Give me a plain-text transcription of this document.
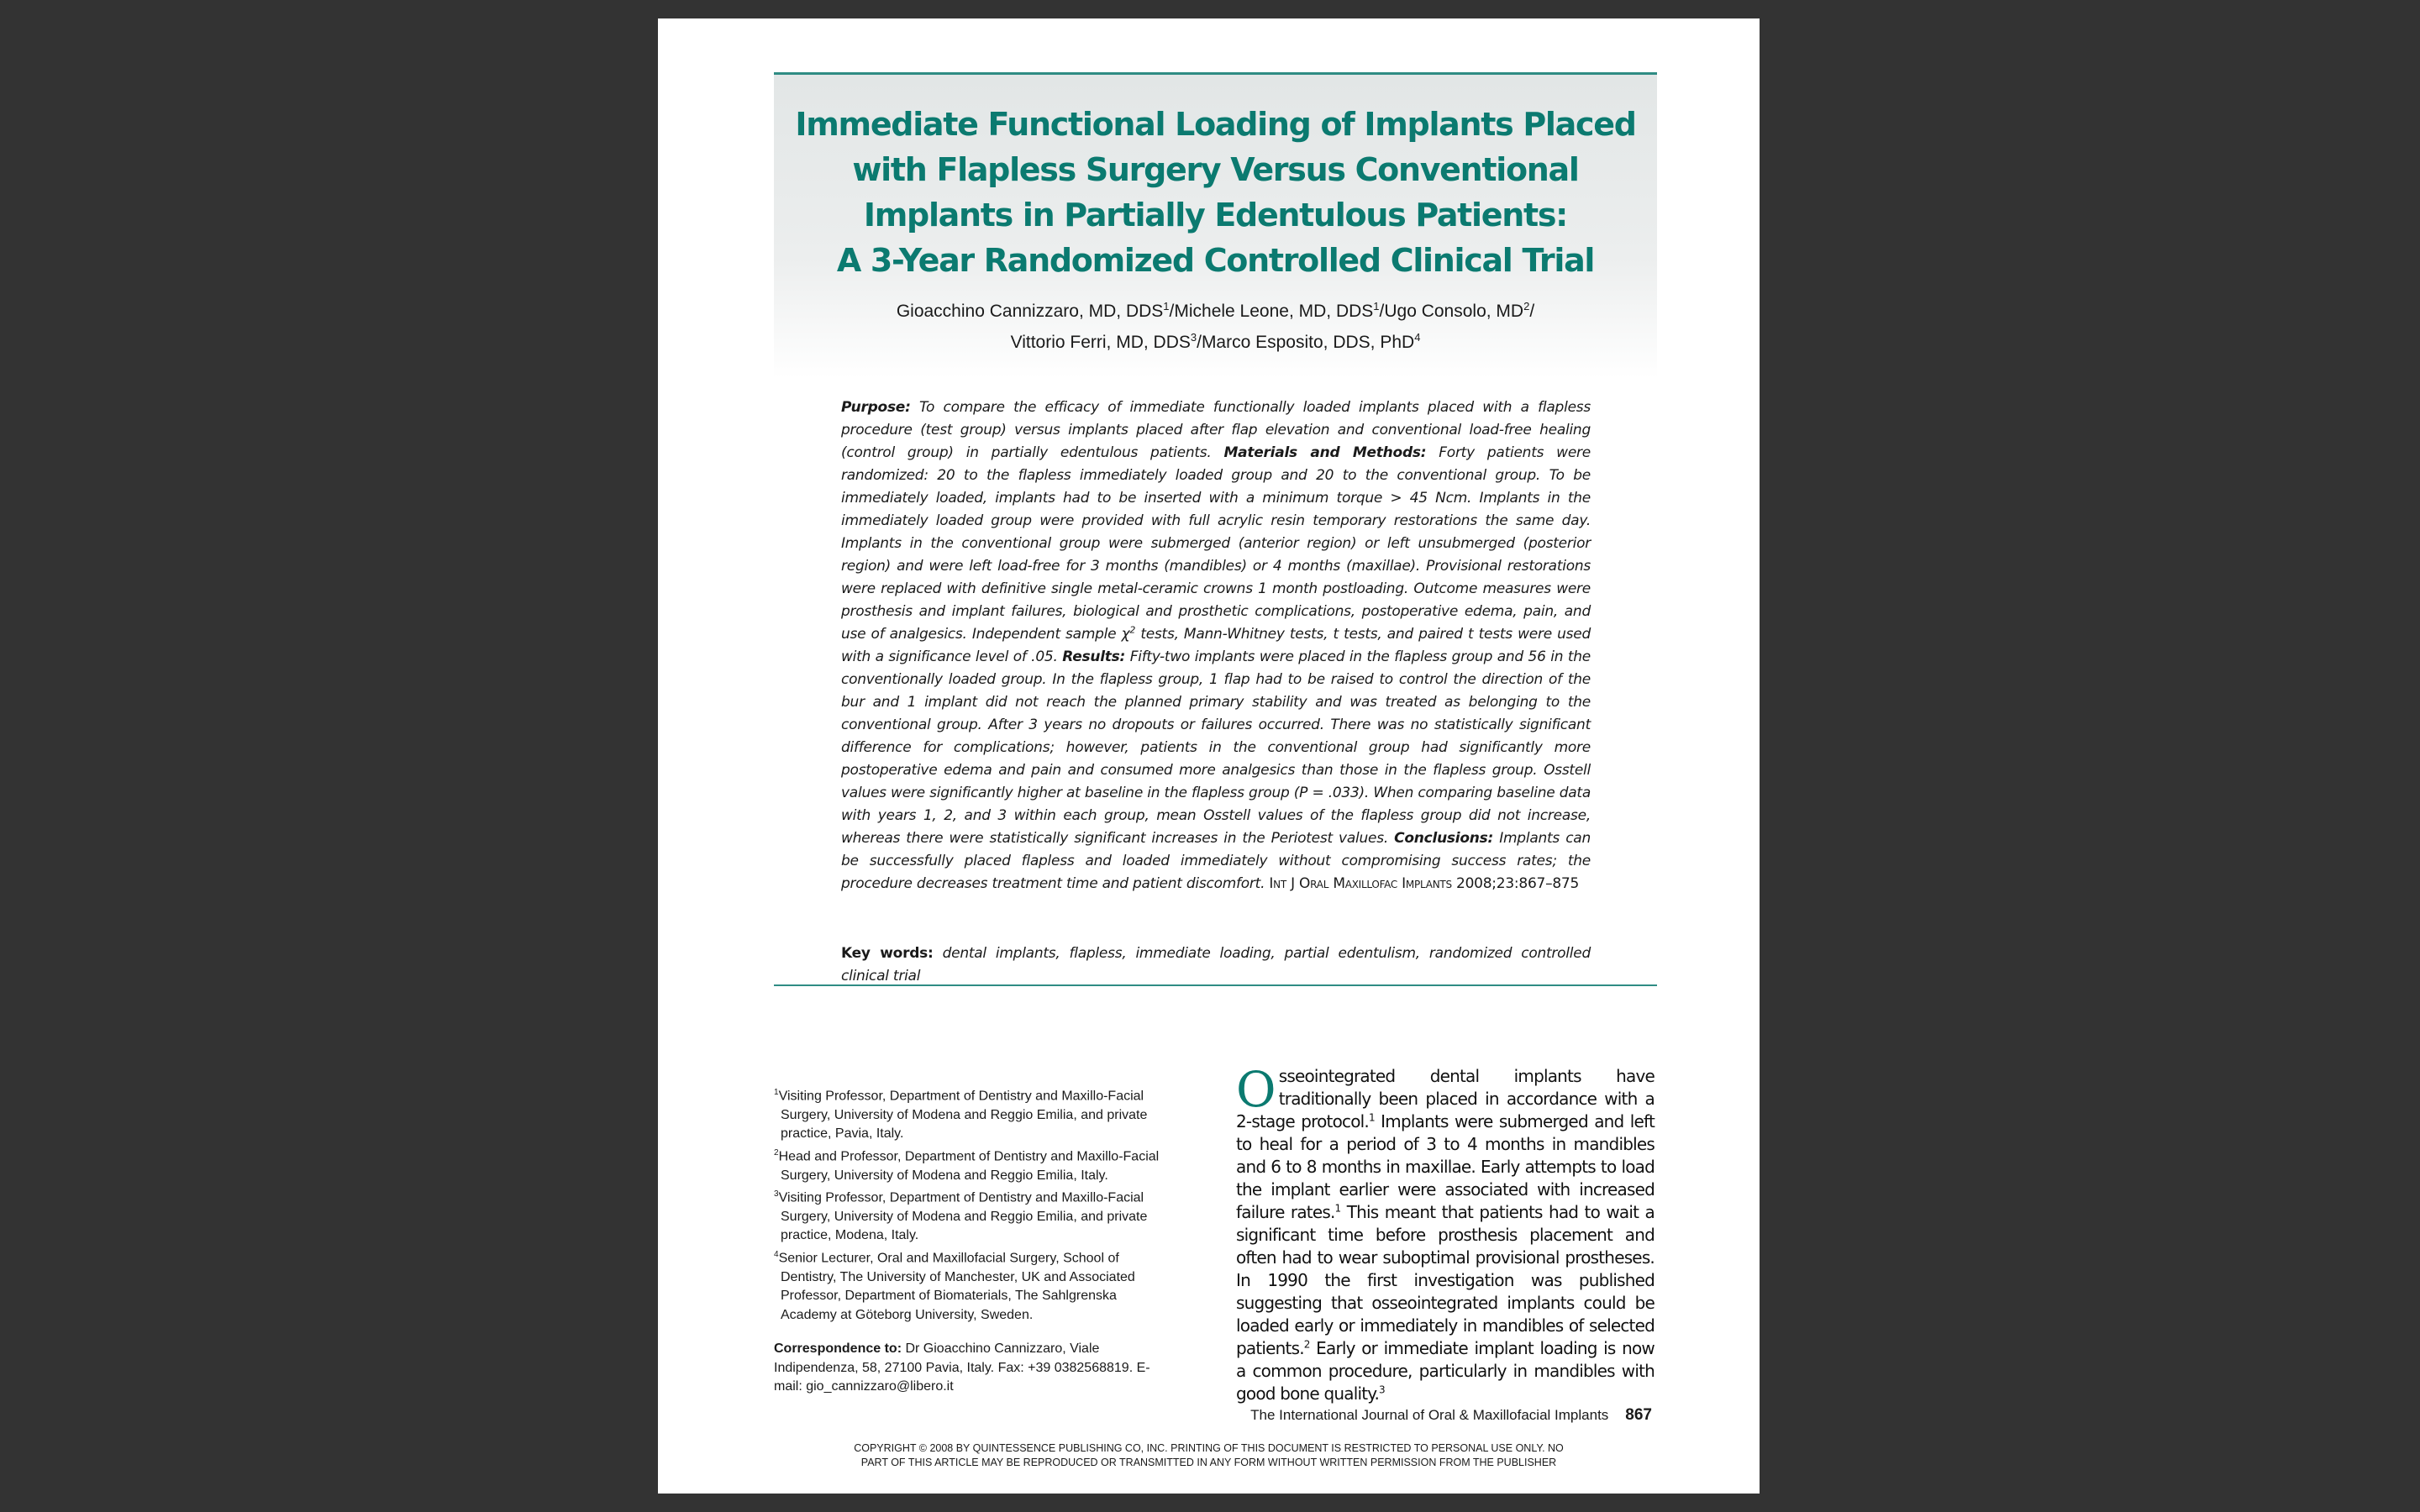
Immediate Functional Loading of Implants Placed
with Flapless Surgery Versus Conventional
Implants in Partially Edentulous Patients:
A 3-Year Randomized Controlled Clinical Trial
Gioacchino Cannizzaro, MD, DDS$^1$/Michele Leone, MD, DDS$^1$/Ugo Consolo, $MD^2/$
Vittorio Ferri, MD, DDS$^3$/Marco Esposito, DDS, PhD$^4$

Purpose: To compare the efficacy of immediate functionally loaded implants placed with a flapless procedure (test group) versus implants placed after flap elevation and conventional load-free healing (control group) in partially edentulous patients. Materials and Methods: Forty patients were randomized: 20 to the flapless immediately loaded group and 20 to the conventional group. To be immediately loaded, implants had to be inserted with a minimum torque > 45 Ncm. Implants in the immediately loaded group were provided with full acrylic resin temporary restorations the same day. Implants in the conventional group were submerged (anterior region) or left unsubmerged (posterior region) and were left load-free for 3 months (mandibles) or 4 months (maxillae). Provisional restorations were replaced with definitive single metal-ceramic crowns 1 month postloading. Outcome measures were prosthesis and implant failures, biological and prosthetic complications, postoperative edema, pain, and use of analgesics. Independent sample $\chi^2$ tests, Mann-Whitney tests, t tests, and paired t tests were used with a significance level of .05. Results: Fifty-two implants were placed in the flapless group and 56 in the conventionally loaded group. In the flapless group, 1 flap had to be raised to control the direction of the bur and 1 implant did not reach the planned primary stability and was treated as belonging to the conventional group. After 3 years no dropouts or failures occurred. There was no statistically significant difference for complications; however, patients in the conventional group had significantly more postoperative edema and pain and consumed more analgesics than those in the flapless group. Osstell values were significantly higher at baseline in the flapless group (P = .033). When comparing baseline data with years 1, 2, and 3 within each group, mean Osstell values of the flapless group did not increase, whereas there were statistically significant increases in the Periotest values. Conclusions: Implants can be successfully placed flapless and loaded immediately without compromising success rates; the procedure decreases treatment time and patient discomfort. Int J Oral Maxillofac Implants 2008;23:867–875

Key words: dental implants, flapless, immediate loading, partial edentulism, randomized controlled clinical trial

$^1$Visiting Professor, Department of Dentistry and Maxillo-Facial Surgery, University of Modena and Reggio Emilia, and private practice, Pavia, Italy.
$^2$Head and Professor, Department of Dentistry and Maxillo-Facial Surgery, University of Modena and Reggio Emilia, Italy.
$^3$Visiting Professor, Department of Dentistry and Maxillo-Facial Surgery, University of Modena and Reggio Emilia, and private practice, Modena, Italy.
$^4$Senior Lecturer, Oral and Maxillofacial Surgery, School of Dentistry, The University of Manchester, UK and Associated Professor, Department of Biomaterials, The Sahlgrenska Academy at Göteborg University, Sweden.
Correspondence to: Dr Gioacchino Cannizzaro, Viale Indipendenza, 58, 27100 Pavia, Italy. Fax: +39 0382568819. E-mail: gio_cannizzaro@libero.it

Osseointegrated dental implants have traditionally been placed in accordance with a 2-stage protocol.$^1$ Implants were submerged and left to heal for a period of 3 to 4 months in mandibles and 6 to 8 months in maxillae. Early attempts to load the implant earlier were associated with increased failure rates.$^1$ This meant that patients had to wait a significant time before prosthesis placement and often had to wear suboptimal provisional prostheses. In 1990 the first investigation was published suggesting that osseointegrated implants could be loaded early or immediately in mandibles of selected patients.$^2$ Early or immediate implant loading is now a common procedure, particularly in mandibles with good bone quality.$^3$

The International Journal of Oral & Maxillofacial Implants 867
COPYRIGHT © 2008 BY QUINTESSENCE PUBLISHING CO, INC. PRINTING OF THIS DOCUMENT IS RESTRICTED TO PERSONAL USE ONLY. NO
PART OF THIS ARTICLE MAY BE REPRODUCED OR TRANSMITTED IN ANY FORM WITHOUT WRITTEN PERMISSION FROM THE PUBLISHER
